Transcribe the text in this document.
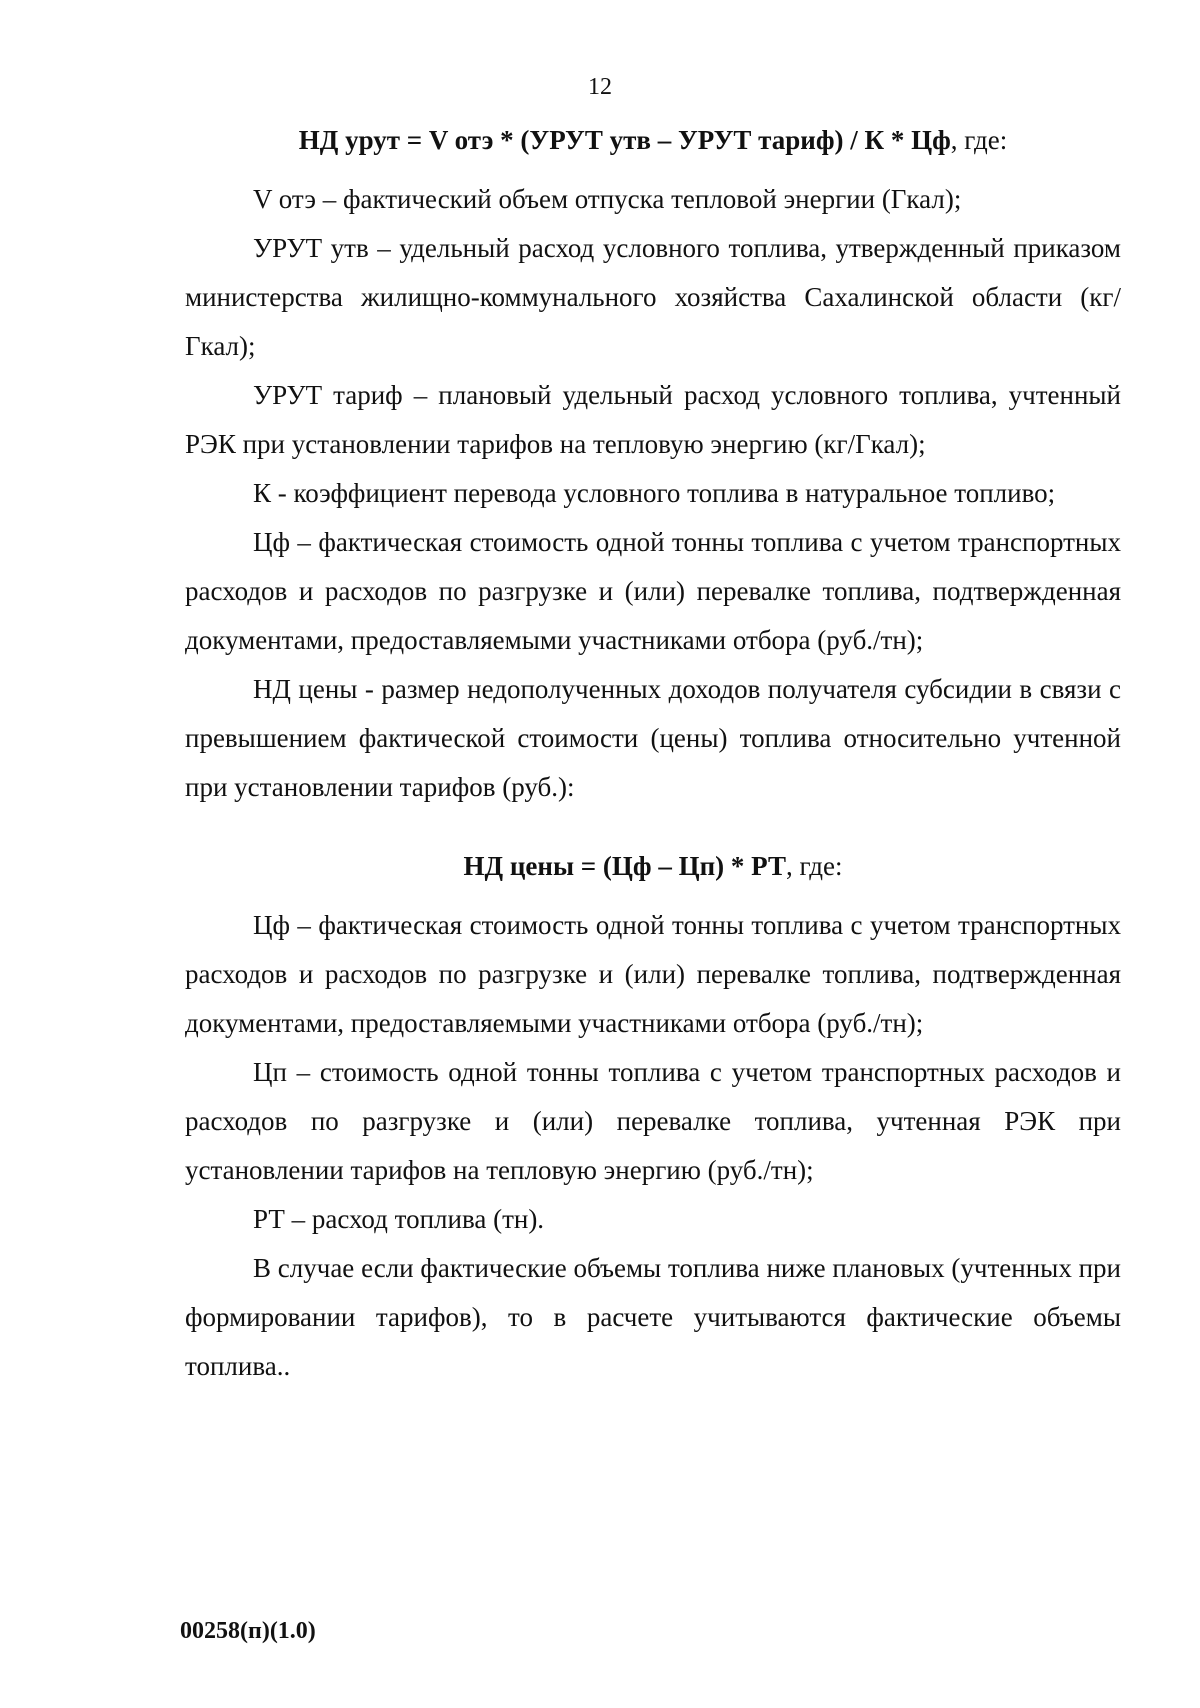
12

НД урут = V отэ * (УРУТ утв – УРУТ тариф) / К * Цф, где:

V отэ – фактический объем отпуска тепловой энергии (Гкал);

УРУТ утв – удельный расход условного топлива, утвержденный приказом министерства жилищно-коммунального хозяйства Сахалинской области (кг/Гкал);

УРУТ тариф – плановый удельный расход условного топлива, учтенный РЭК при установлении тарифов на тепловую энергию (кг/Гкал);

К - коэффициент перевода условного топлива в натуральное топливо;

Цф – фактическая стоимость одной тонны топлива с учетом транспортных расходов и расходов по разгрузке и (или) перевалке топлива, подтвержденная документами, предоставляемыми участниками отбора (руб./тн);

НД цены - размер недополученных доходов получателя субсидии в связи с превышением фактической стоимости (цены) топлива относительно учтенной при установлении тарифов (руб.):

НД цены = (Цф – Цп) * РТ, где:

Цф – фактическая стоимость одной тонны топлива с учетом транспортных расходов и расходов по разгрузке и (или) перевалке топлива, подтвержденная документами, предоставляемыми участниками отбора (руб./тн);

Цп – стоимость одной тонны топлива с учетом транспортных расходов и расходов по разгрузке и (или) перевалке топлива, учтенная РЭК при установлении тарифов на тепловую энергию (руб./тн);

РТ – расход топлива (тн).

В случае если фактические объемы топлива ниже плановых (учтенных при формировании тарифов), то в расчете учитываются фактические объемы топлива..

00258(п)(1.0)
